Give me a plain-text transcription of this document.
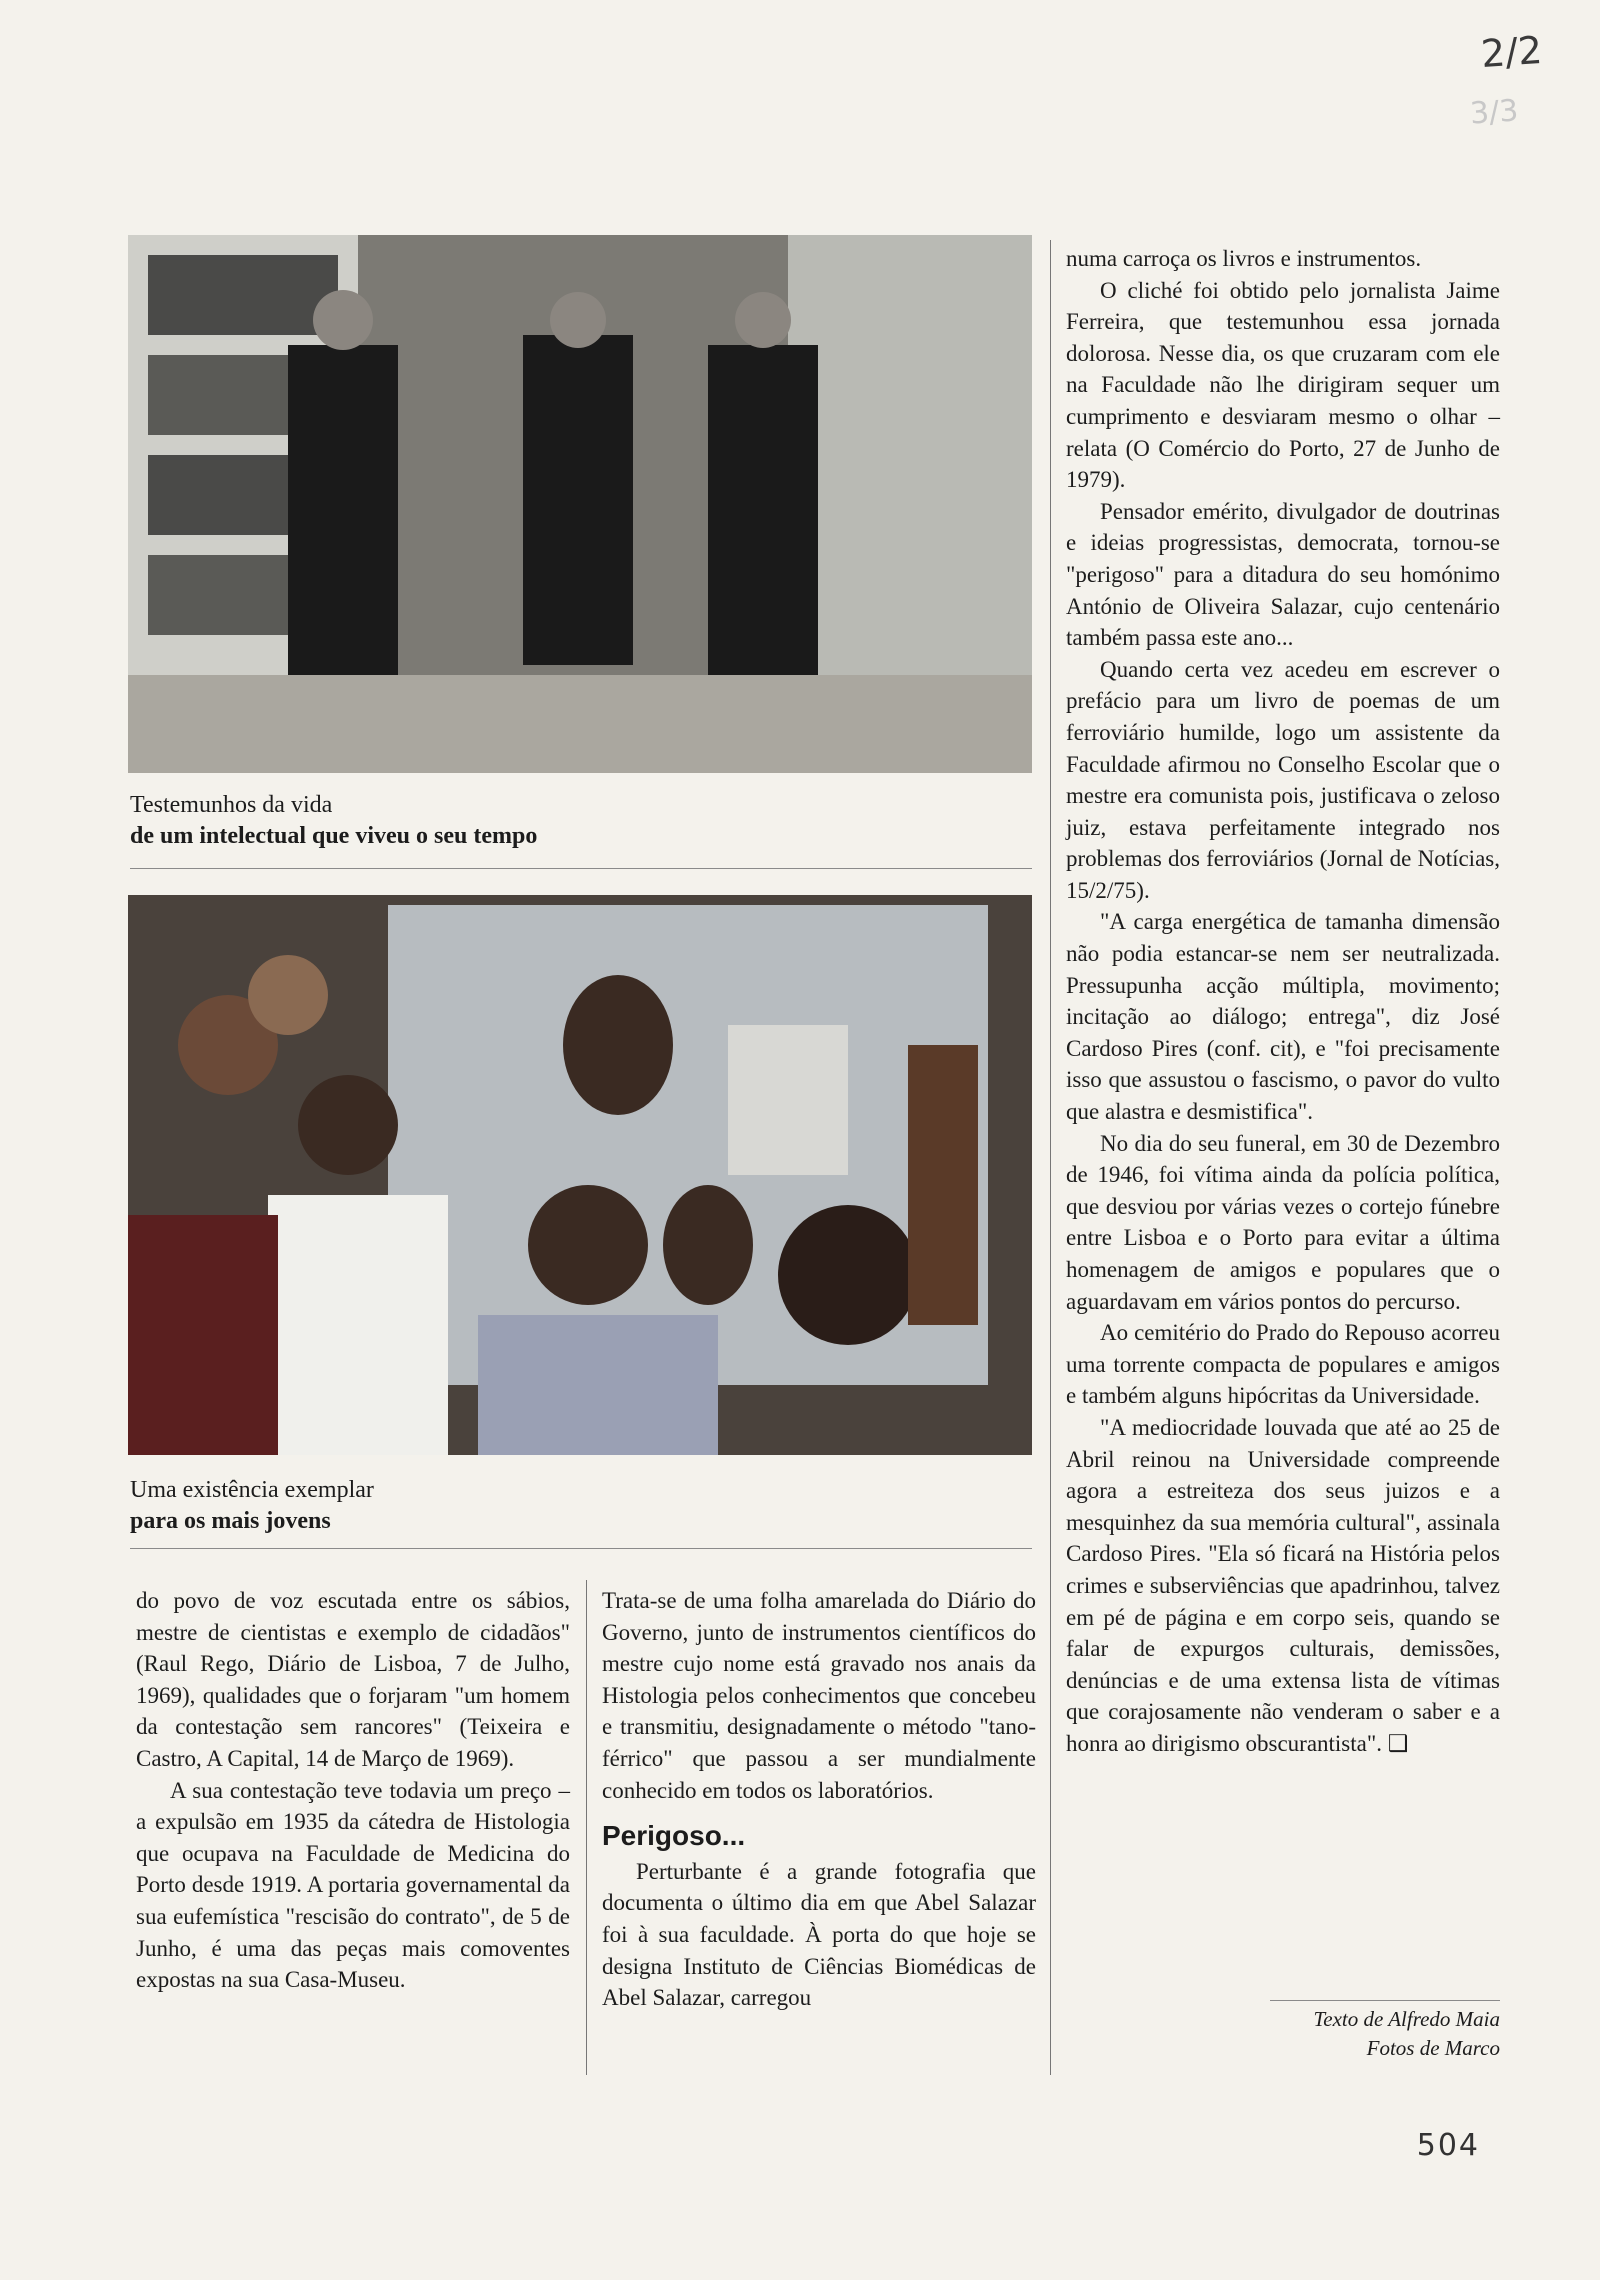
2/2
3/3
Testemunhos da vida
de um intelectual que viveu o seu tempo
Uma existência exemplar
para os mais jovens

do povo de voz escutada entre os sábios, mestre de cientistas e exemplo de cidadãos" (Raul Rego, Diário de Lisboa, 7 de Julho, 1969), qualidades que o forjaram "um homem da contestação sem rancores" (Teixeira e Castro, A Capital, 14 de Março de 1969).

A sua contestação teve todavia um preço – a expulsão em 1935 da cátedra de Histologia que ocupava na Faculdade de Medicina do Porto desde 1919. A portaria governamental da sua eufemística "rescisão do contrato", de 5 de Junho, é uma das peças mais comoventes expostas na sua Casa-Museu.

Trata-se de uma folha amarelada do Diário do Governo, junto de instrumentos científicos do mestre cujo nome está gravado nos anais da Histologia pelos conhecimentos que concebeu e transmitiu, designadamente o método "tano-férrico" que passou a ser mundialmente conhecido em todos os laboratórios.

Perigoso...

Perturbante é a grande fotografia que documenta o último dia em que Abel Salazar foi à sua faculdade. À porta do que hoje se designa Instituto de Ciências Biomédicas de Abel Salazar, carregou

numa carroça os livros e instrumentos.

O cliché foi obtido pelo jornalista Jaime Ferreira, que testemunhou essa jornada dolorosa. Nesse dia, os que cruzaram com ele na Faculdade não lhe dirigiram sequer um cumprimento e desviaram mesmo o olhar – relata (O Comércio do Porto, 27 de Junho de 1979).

Pensador emérito, divulgador de doutrinas e ideias progressistas, democrata, tornou-se "perigoso" para a ditadura do seu homónimo António de Oliveira Salazar, cujo centenário também passa este ano...

Quando certa vez acedeu em escrever o prefácio para um livro de poemas de um ferroviário humilde, logo um assistente da Faculdade afirmou no Conselho Escolar que o mestre era comunista pois, justificava o zeloso juiz, estava perfeitamente integrado nos problemas dos ferroviários (Jornal de Notícias, 15/2/75).

"A carga energética de tamanha dimensão não podia estancar-se nem ser neutralizada. Pressupunha acção múltipla, movimento; incitação ao diálogo; entrega", diz José Cardoso Pires (conf. cit), e "foi precisamente isso que assustou o fascismo, o pavor do vulto que alastra e desmistifica".

No dia do seu funeral, em 30 de Dezembro de 1946, foi vítima ainda da polícia política, que desviou por várias vezes o cortejo fúnebre entre Lisboa e o Porto para evitar a última homenagem de amigos e populares que o aguardavam em vários pontos do percurso.

Ao cemitério do Prado do Repouso acorreu uma torrente compacta de populares e amigos e também alguns hipócritas da Universidade.

"A mediocridade louvada que até ao 25 de Abril reinou na Universidade compreende agora a estreiteza dos seus juizos e a mesquinhez da sua memória cultural", assinala Cardoso Pires. "Ela só ficará na História pelos crimes e subserviências que apadrinhou, talvez em pé de página e em corpo seis, quando se falar de expurgos culturais, demissões, denúncias e de uma extensa lista de vítimas que corajosamente não venderam o saber e a honra ao dirigismo obscurantista". ❑

Texto de Alfredo Maia
Fotos de Marco
504
